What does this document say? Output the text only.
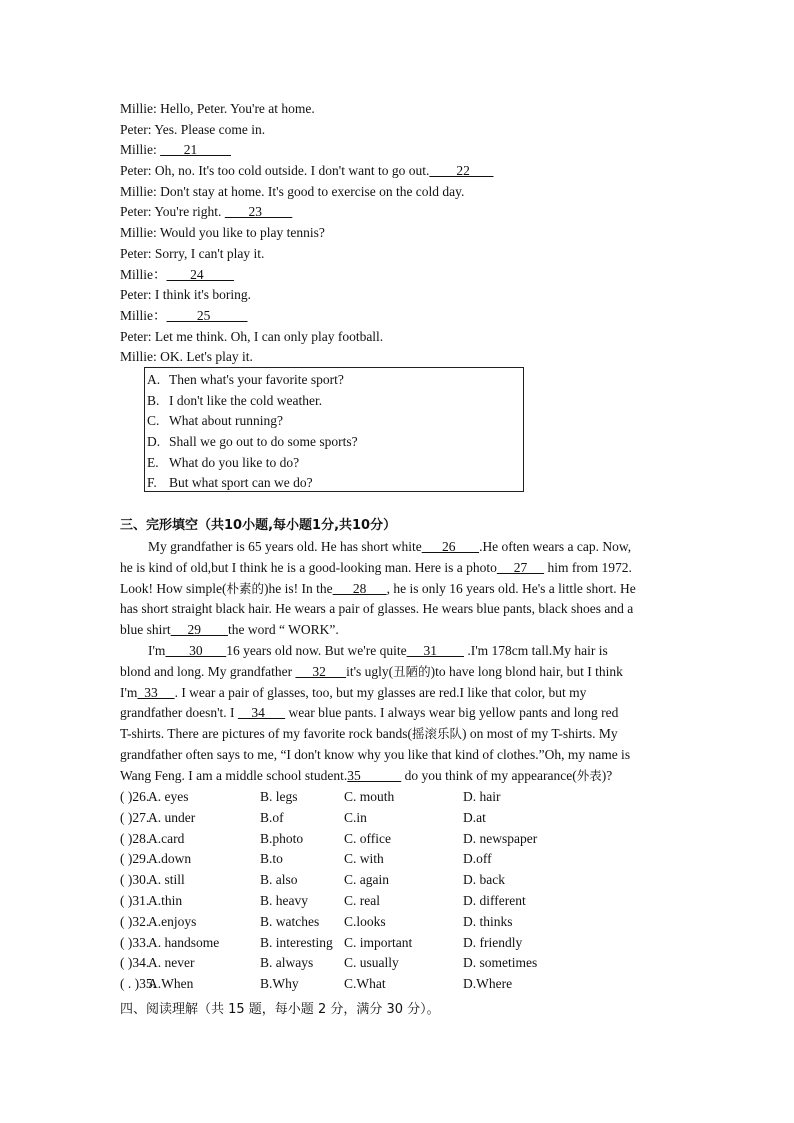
Millie: Hello, Peter. You're at home.
Peter: Yes. Please come in.
Millie:        21
Peter: Oh, no. It's too cold outside. I don't want to go out.        22
Millie: Don't stay at home. It's good to exercise on the cold day.
Peter: You're right.        23
Millie: Would you like to play tennis?
Peter: Sorry, I can't play it.
Millie：       24
Peter: I think it's boring.
Millie：         25
Peter: Let me think. Oh, I can only play football.
Millie: OK. Let's play it.
A. Then what's your favorite sport?
B. I don't like the cold weather.
C. What about running?
D. Shall we go out to do some sports?
E. What do you like to do?
F. But what sport can we do?
三、完形填空（共10小题,每小题1分,共10分）
My grandfather is 65 years old. He has short white      26       .He often wears a cap. Now,
he is kind of old,but I think he is a good-looking man. Here is a photo     27      him from 1972.
Look! How simple(朴素的)he is! In the      28      , he is only 16 years old. He's a little short. He
has short straight black hair. He wears a pair of glasses. He wears blue pants, black shoes and a
blue shirt     29        the word “ WORK”.
I'm       30       16 years old now. But we're quite     31         .I'm 178cm tall.My hair is
blond and long. My grandfather      32      it's ugly(丑陋的)to have long blond hair, but I think
I'm  33     . I wear a pair of glasses, too, but my glasses are red.I like that color, but my
grandfather doesn't. I     34       wear blue pants. I always wear big yellow pants and long red
T-shirts. There are pictures of my favorite rock bands(摇滚乐队) on most of my T-shirts. My
grandfather often says to me, “I don't know why you like that kind of clothes.”Oh, my name is
Wang Feng. I am a middle school student.35             do you think of my appearance(外表)?
( )26.
A. eyes	B. legs	C. mouth	D. hair
( )27.
A. under	B.of	C.in	D.at
( )28.
A.card	B.photo	C. office	D. newspaper
( )29.
A.down	B.to	C. with	D.off
( )30.
A. still	B. also	C. again	D. back
( )31.
A.thin	B. heavy	C. real	D. different
( )32.
A.enjoys	B. watches C.looks	D. thinks
( )33.
A. handsome	B. interesting C. important	D. friendly
( )34.
A. never	B. always C. usually	D. sometimes
( . )35.
A.When	B.Why	C.What	D.Where
四、阅读理解（共 15 题，每小题 2 分，满分 30 分）。
